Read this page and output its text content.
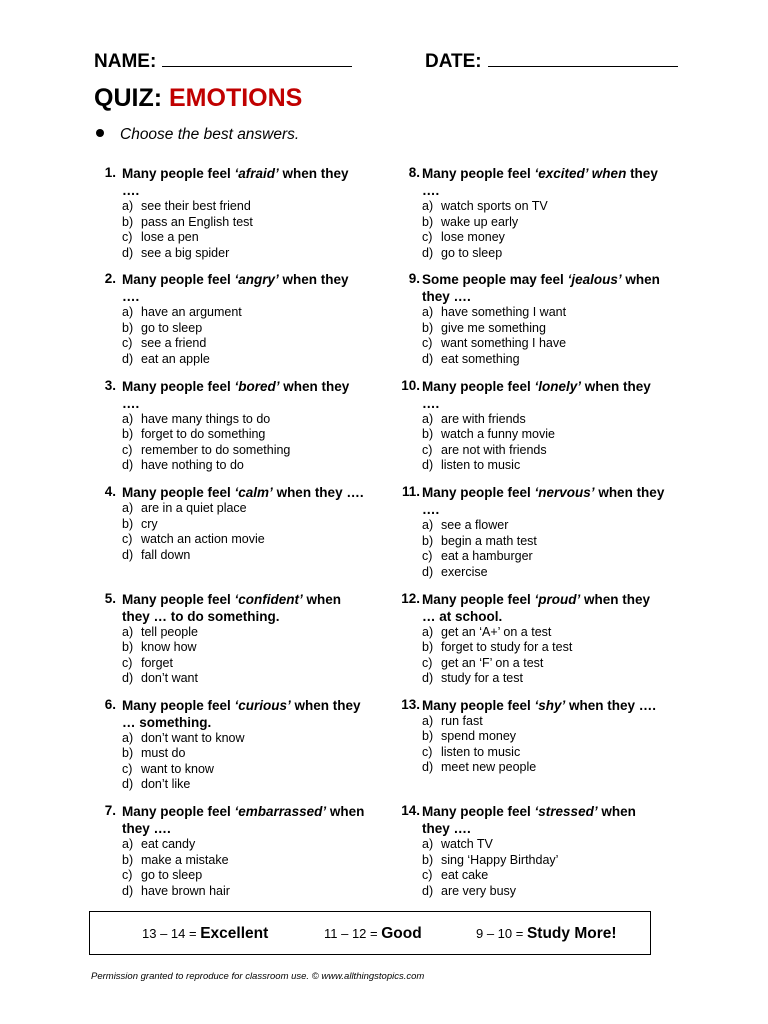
NAME:	DATE:
QUIZ: EMOTIONS
Choose the best answers.
1. Many people feel ‘afraid’ when they ….
a) see their best friend
b) pass an English test
c) lose a pen
d) see a big spider
2. Many people feel ‘angry’ when they ….
a) have an argument
b) go to sleep
c) see a friend
d) eat an apple
3. Many people feel ‘bored’ when they ….
a) have many things to do
b) forget to do something
c) remember to do something
d) have nothing to do
4. Many people feel ‘calm’ when they ….
a) are in a quiet place
b) cry
c) watch an action movie
d) fall down
5. Many people feel ‘confident’ when they … to do something.
a) tell people
b) know how
c) forget
d) don’t want
6. Many people feel ‘curious’ when they … something.
a) don’t want to know
b) must do
c) want to know
d) don’t like
7. Many people feel ‘embarrassed’ when they ….
a) eat candy
b) make a mistake
c) go to sleep
d) have brown hair
8. Many people feel ‘excited’ when they ….
a) watch sports on TV
b) wake up early
c) lose money
d) go to sleep
9. Some people may feel ‘jealous’ when they ….
a) have something I want
b) give me something
c) want something I have
d) eat something
10. Many people feel ‘lonely’ when they ….
a) are with friends
b) watch a funny movie
c) are not with friends
d) listen to music
11. Many people feel ‘nervous’ when they ….
a) see a flower
b) begin a math test
c) eat a hamburger
d) exercise
12. Many people feel ‘proud’ when they … at school.
a) get an ‘A+’ on a test
b) forget to study for a test
c) get an ‘F’ on a test
d) study for a test
13. Many people feel ‘shy’ when they ….
a) run fast
b) spend money
c) listen to music
d) meet new people
14. Many people feel ‘stressed’ when they ….
a) watch TV
b) sing ‘Happy Birthday’
c) eat cake
d) are very busy
13 – 14 = Excellent	11 – 12 = Good	9 – 10 = Study More!
Permission granted to reproduce for classroom use. © www.allthingstopics.com
